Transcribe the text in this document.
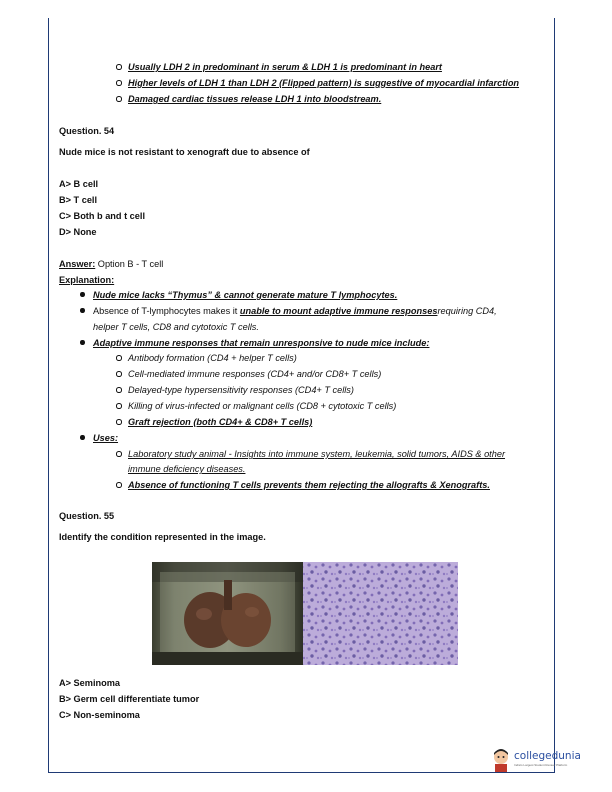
Usually LDH 2 in predominant in serum & LDH 1 is predominant in heart
Higher levels of LDH 1 than LDH 2 (Flipped pattern) is suggestive of myocardial infarction
Damaged cardiac tissues release LDH 1 into bloodstream.
Question. 54
Nude mice is not resistant to xenograft due to absence of
A> B cell
B> T cell
C> Both b and t cell
D> None
Answer: Option B - T cell
Explanation:
Nude mice lacks “Thymus” & cannot generate mature T lymphocytes.
Absence of T-lymphocytes makes it unable to mount adaptive immune responsesrequiring CD4,
helper T cells, CD8 and cytotoxic T cells.
Adaptive immune responses that remain unresponsive to nude mice include:
Antibody formation (CD4 + helper T cells)
Cell-mediated immune responses (CD4+ and/or CD8+ T cells)
Delayed-type hypersensitivity responses (CD4+ T cells)
Killing of virus-infected or malignant cells (CD8 + cytotoxic T cells)
Graft rejection (both CD4+ & CD8+ T cells)
Uses:
Laboratory study animal - Insights into immune system, leukemia, solid tumors, AIDS & other
immune deficiency diseases.
Absence of functioning T cells prevents them rejecting the allografts & Xenografts.
Question. 55
Identify the condition represented in the image.
A> Seminoma
B> Germ cell differentiate tumor
C> Non-seminoma
collegedunia
India's Largest Student Review Platform
